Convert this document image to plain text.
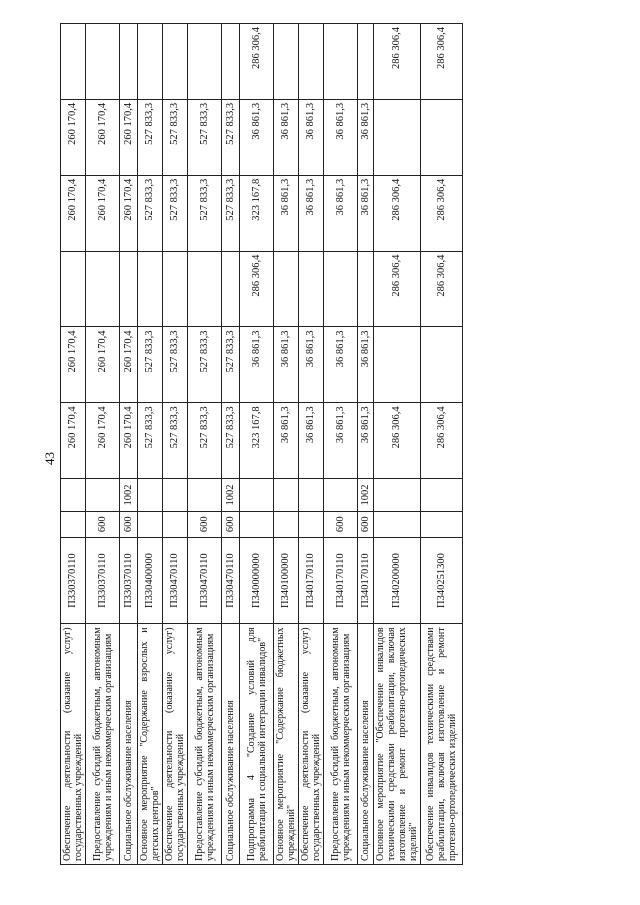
43
Обеспечение деятельности (оказание услуг) государственных учреждений	П330370110			260 170,4	260 170,4		260 170,4	260 170,4	
Предоставление субсидий бюджетным, автономным учреждениям и иным некоммерческим организациям	П330370110	600		260 170,4	260 170,4		260 170,4	260 170,4	
Социальное обслуживание населения	П330370110	600	1002	260 170,4	260 170,4		260 170,4	260 170,4	
Основное мероприятие "Содержание взрослых и детских центров"	П330400000			527 833,3	527 833,3		527 833,3	527 833,3	
Обеспечение деятельности (оказание услуг) государственных учреждений	П330470110			527 833,3	527 833,3		527 833,3	527 833,3	
Предоставление субсидий бюджетным, автономным учреждениям и иным некоммерческим организациям	П330470110	600		527 833,3	527 833,3		527 833,3	527 833,3	
Социальное обслуживание населения	П330470110	600	1002	527 833,3	527 833,3		527 833,3	527 833,3	
Подпрограмма 4 "Создание условий для реабилитации и социальной интеграции инвалидов"	П340000000			323 167,8	36 861,3	286 306,4	323 167,8	36 861,3	286 306,4
Основное мероприятие "Содержание бюджетных учреждений"	П340100000			36 861,3	36 861,3		36 861,3	36 861,3	
Обеспечение деятельности (оказание услуг) государственных учреждений	П340170110			36 861,3	36 861,3		36 861,3	36 861,3	
Предоставление субсидий бюджетным, автономным учреждениям и иным некоммерческим организациям	П340170110	600		36 861,3	36 861,3		36 861,3	36 861,3	
Социальное обслуживание населения	П340170110	600	1002	36 861,3	36 861,3		36 861,3	36 861,3	
Основное мероприятие "Обеспечение инвалидов техническими средствами реабилитации, включая изготовление и ремонт протезно-ортопедических изделий"	П340200000			286 306,4		286 306,4	286 306,4		286 306,4
Обеспечение инвалидов техническими средствами реабилитации, включая изготовление и ремонт протезно-ортопедических изделий	П340251300			286 306,4		286 306,4	286 306,4		286 306,4
